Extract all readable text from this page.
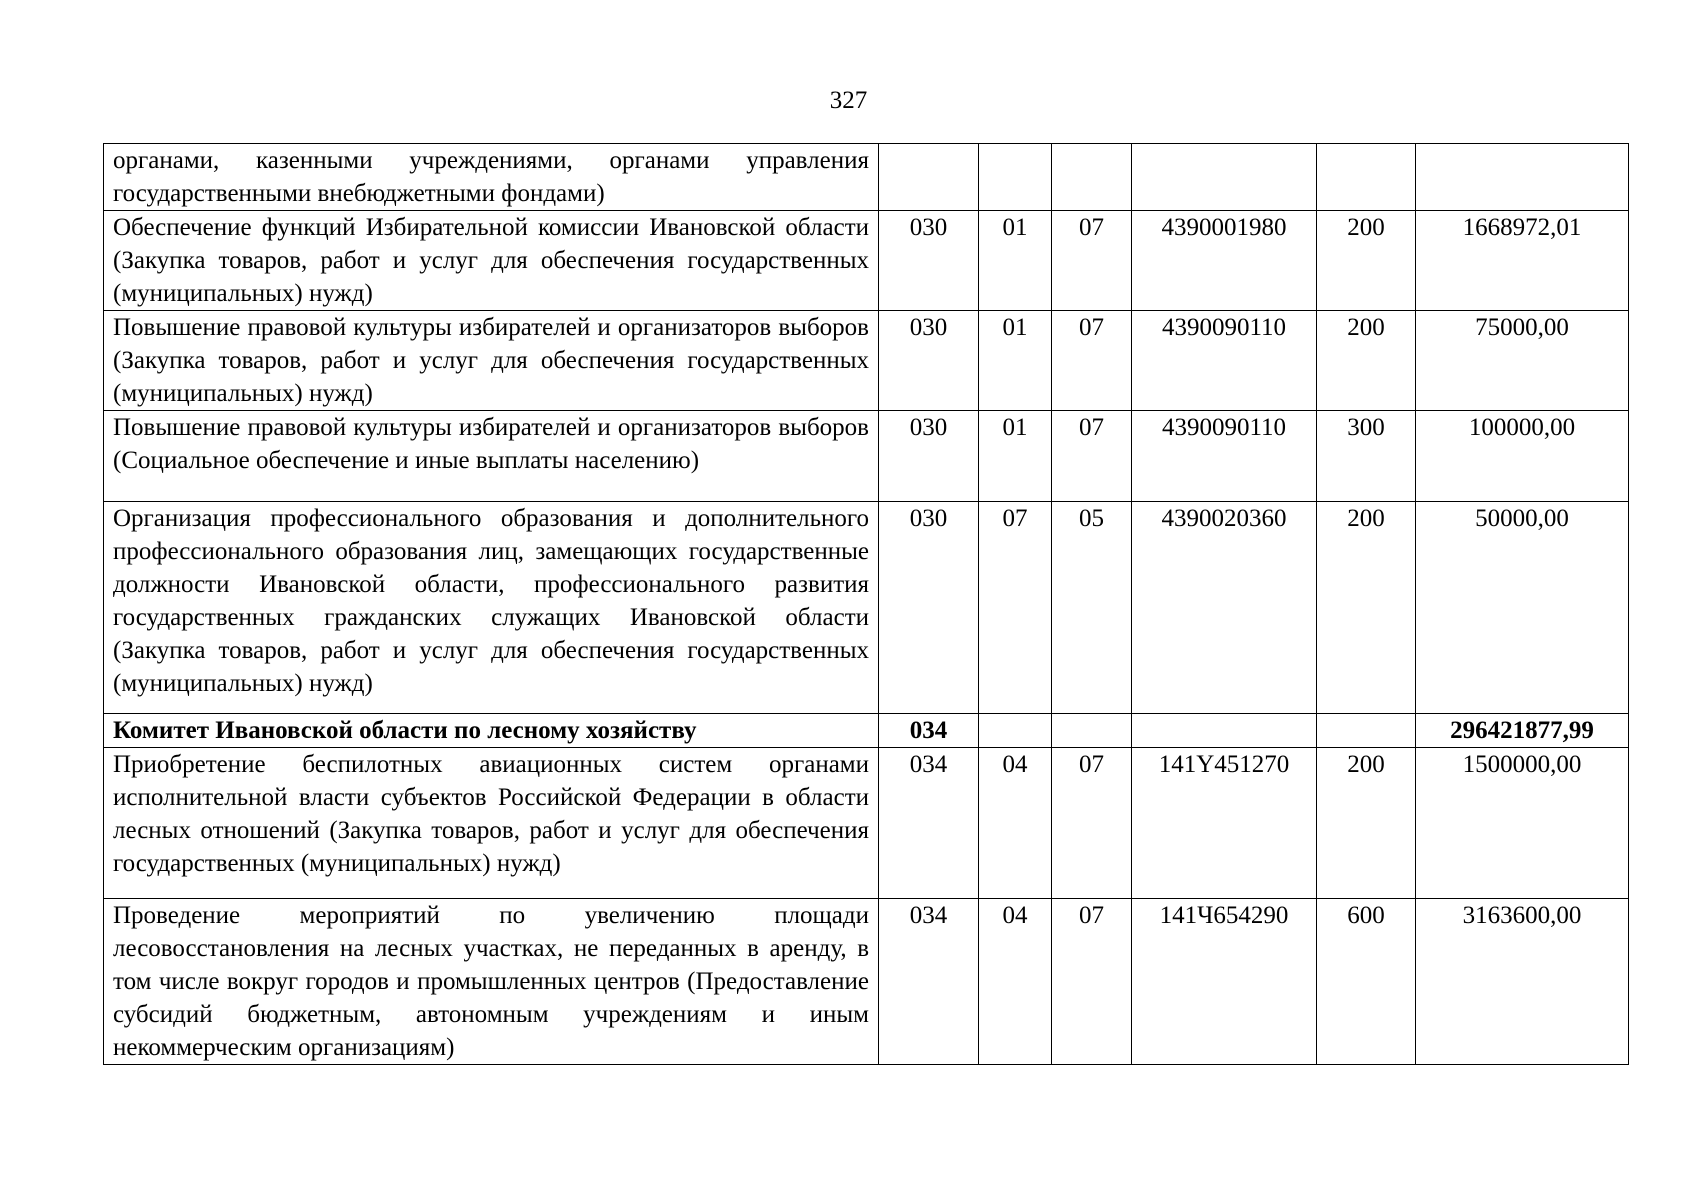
327
органами, казенными учреждениями, органами управления государственными внебюджетными фондами)						
Обеспечение функций Избирательной комиссии Ивановской области (Закупка товаров, работ и услуг для обеспечения государственных (муниципальных) нужд)	030	01	07	4390001980	200	1668972,01
Повышение правовой культуры избирателей и организаторов выборов (Закупка товаров, работ и услуг для обеспечения государственных (муниципальных) нужд)	030	01	07	4390090110	200	75000,00
Повышение правовой культуры избирателей и организаторов выборов (Социальное обеспечение и иные выплаты населению)	030	01	07	4390090110	300	100000,00
Организация профессионального образования и дополнительного профессионального образования лиц, замещающих государственные должности Ивановской области, профессионального развития государственных гражданских служащих Ивановской области (Закупка товаров, работ и услуг для обеспечения государственных (муниципальных) нужд)	030	07	05	4390020360	200	50000,00
Комитет Ивановской области по лесному хозяйству	034					296421877,99
Приобретение беспилотных авиационных систем органами исполнительной власти субъектов Российской Федерации в области лесных отношений (Закупка товаров, работ и услуг для обеспечения государственных (муниципальных) нужд)	034	04	07	141Y451270	200	1500000,00
Проведение мероприятий по увеличению площади лесовосстановления на лесных участках, не переданных в аренду, в том числе вокруг городов и промышленных центров (Предоставление субсидий бюджетным, автономным учреждениям и иным некоммерческим организациям)	034	04	07	141Ч654290	600	3163600,00
